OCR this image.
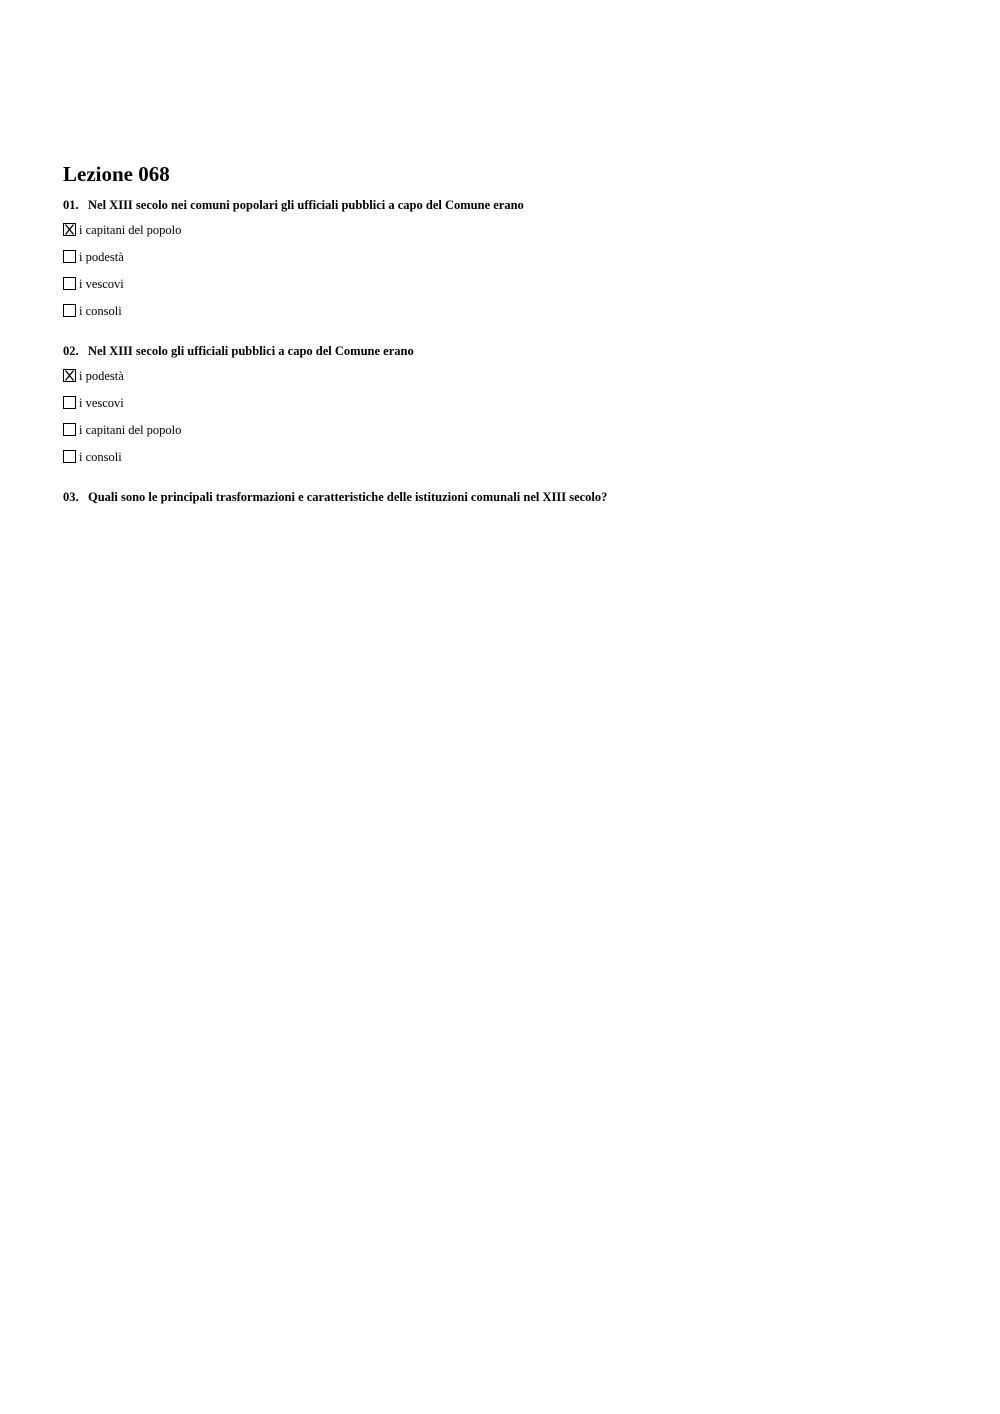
Lezione 068

01. Nel XIII secolo nei comuni popolari gli ufficiali pubblici a capo del Comune erano

i capitani del popolo
i podestà
i vescovi
i consoli

02. Nel XIII secolo gli ufficiali pubblici a capo del Comune erano

i podestà
i vescovi
i capitani del popolo
i consoli

03. Quali sono le principali trasformazioni e caratteristiche delle istituzioni comunali nel XIII secolo?
